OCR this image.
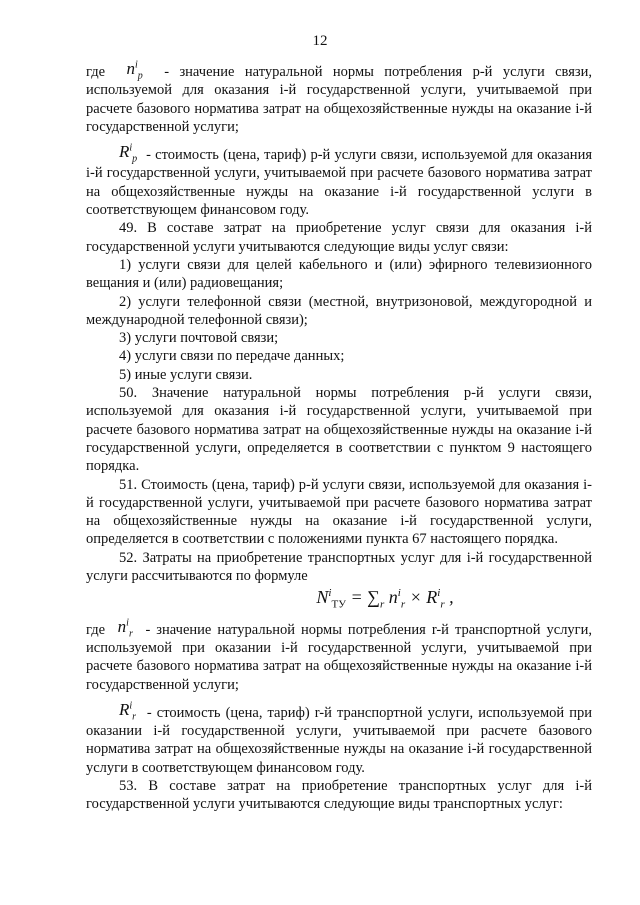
12

где  $n^i_p$ - значение натуральной нормы потребления р-й услуги связи, используемой для оказания i-й государственной услуги, учитываемой при расчете базового норматива затрат на общехозяйственные нужды на оказание i-й государственной услуги;

$R^i_p$ - стоимость (цена, тариф) р-й услуги связи, используемой для оказания i-й государственной услуги, учитываемой при расчете базового норматива затрат на общехозяйственные нужды на оказание i-й государственной услуги в соответствующем финансовом году.

49. В составе затрат на приобретение услуг связи для оказания i-й государственной услуги учитываются следующие виды услуг связи:

1) услуги связи для целей кабельного и (или) эфирного телевизионного вещания и (или) радиовещания;

2) услуги телефонной связи (местной, внутризоновой, междугородной и международной телефонной связи);

3) услуги почтовой связи;

4) услуги связи по передаче данных;

5) иные услуги связи.

50. Значение натуральной нормы потребления р-й услуги связи, используемой для оказания i-й государственной услуги, учитываемой при расчете базового норматива затрат на общехозяйственные нужды на оказание i-й государственной услуги, определяется в соответствии с пунктом 9 настоящего порядка.

51. Стоимость (цена, тариф) р-й услуги связи, используемой для оказания i-й государственной услуги, учитываемой при расчете базового норматива затрат на общехозяйственные нужды на оказание i-й государственной услуги, определяется в соответствии с положениями пункта 67 настоящего порядка.

52. Затраты на приобретение транспортных услуг для i-й государственной услуги рассчитываются по формуле

$N^i_{ТУ} = \sum_r$ $n^i_r \times R^i_r$ ,

где  $n^i_r$ - значение натуральной нормы потребления r-й транспортной услуги, используемой при оказании i-й государственной услуги, учитываемой при расчете базового норматива затрат на общехозяйственные нужды на оказание i-й государственной услуги;

$R^i_r$ - стоимость (цена, тариф) r-й транспортной услуги, используемой при оказании i-й государственной услуги, учитываемой при расчете базового норматива затрат на общехозяйственные нужды на оказание i-й государственной услуги в соответствующем финансовом году.

53. В составе затрат на приобретение транспортных услуг для i-й государственной услуги учитываются следующие виды транспортных услуг:
